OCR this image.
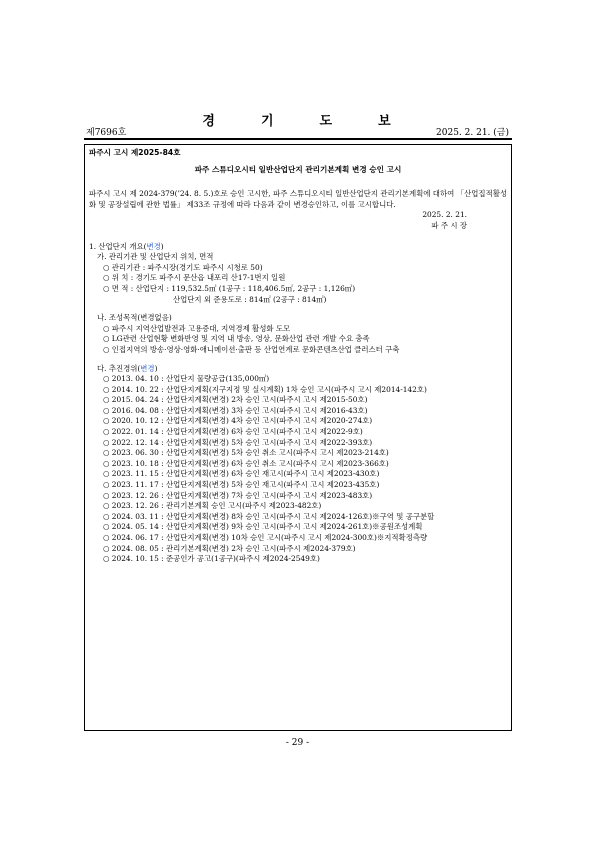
경	기	도	보
제7696호	2025. 2. 21. (금)
파주시 고시 제2025-84호
파주 스튜디오시티 일반산업단지 관리기본계획 변경 승인 고시
파주시 고시 제 2024-379(’24. 8. 5.)호로 승인 고시한, 파주 스튜디오시티 일반산업단지 관리기본계획에 대하여 「산업집적활성화 및 공장설립에 관한 법률」 제33조 규정에 따라 다음과 같이 변경승인하고, 이를 고시합니다.
2025. 2. 21.
파 주 시 장
1. 산업단지 개요(변경)
가. 관리기관 및 산업단지 위치, 면적
○ 관리기관 : 파주시장(경기도 파주시 시청로 50)
○ 위 치 : 경기도 파주시 문산읍 내포리 산17-1번지 일원
○ 면 적 : 산업단지 : 119,532.5㎡ (1공구 : 118,406.5㎡, 2공구 : 1,126㎡)
산업단지 외 준용도로 : 814㎡ (2공구 : 814㎡)
나. 조성목적(변경없음)
○ 파주시 지역산업발전과 고용증대, 지역경제 활성화 도모
○ LG관련 산업현황 변화반영 및 지역 내 방송, 영상, 문화산업 관련 개발 수요 충족
○ 인접지역의 방송·영상·영화·애니메이션·출판 등 산업연계로 문화콘텐츠산업 클러스터 구축
다. 추진경위(변경)
○ 2013. 04. 10 : 산업단지 물량공급(135,000㎡)
○ 2014. 10. 22 : 산업단지계획(지구지정 및 실시계획) 1차 승인 고시(파주시 고시 제2014-142호)
○ 2015. 04. 24 : 산업단지계획(변경) 2차 승인 고시(파주시 고시 제2015-50호)
○ 2016. 04. 08 : 산업단지계획(변경) 3차 승인 고시(파주시 고시 제2016-43호)
○ 2020. 10. 12 : 산업단지계획(변경) 4차 승인 고시(파주시 고시 제2020-274호)
○ 2022. 01. 14 : 산업단지계획(변경) 6차 승인 고시(파주시 고시 제2022-9호)
○ 2022. 12. 14 : 산업단지계획(변경) 5차 승인 고시(파주시 고시 제2022-393호)
○ 2023. 06. 30 : 산업단지계획(변경) 5차 승인 취소 고시(파주시 고시 제2023-214호)
○ 2023. 10. 18 : 산업단지계획(변경) 6차 승인 취소 고시(파주시 고시 제2023-366호)
○ 2023. 11. 15 : 산업단지계획(변경) 6차 승인 재고시(파주시 고시 제2023-430호)
○ 2023. 11. 17 : 산업단지계획(변경) 5차 승인 재고시(파주시 고시 제2023-435호)
○ 2023. 12. 26 : 산업단지계획(변경) 7차 승인 고시(파주시 고시 제2023-483호)
○ 2023. 12. 26 : 관리기본계획 승인 고시(파주시 제2023-482호)
○ 2024. 03. 11 : 산업단지계획(변경) 8차 승인 고시(파주시 고시 제2024-126호)※구역 및 공구분할
○ 2024. 05. 14 : 산업단지계획(변경) 9차 승인 고시(파주시 고시 제2024-261호)※공원조성계획
○ 2024. 06. 17 : 산업단지계획(변경) 10차 승인 고시(파주시 고시 제2024-300호)※지적확정측량
○ 2024. 08. 05 : 관리기본계획(변경) 2차 승인 고시(파주시 제2024-379호)
○ 2024. 10. 15 : 준공인가 공고(1공구)(파주시 제2024-2549호)
- 29 -
